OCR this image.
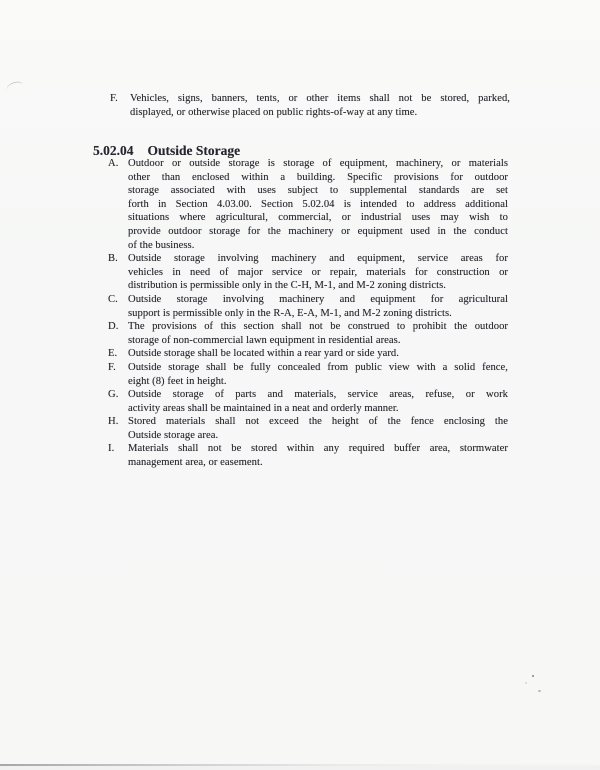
F.	Vehicles, signs, banners, tents, or other items shall not be stored, parked,
displayed, or otherwise placed on public rights-of-way at any time.
5.02.04 Outside Storage
A. Outdoor or outside storage is storage of equipment, machinery, or materials
other than enclosed within a building. Specific provisions for outdoor
storage associated with uses subject to supplemental standards are set
forth in Section 4.03.00. Section 5.02.04 is intended to address additional
situations where agricultural, commercial, or industrial uses may wish to
provide outdoor storage for the machinery or equipment used in the conduct
of the business.
B. Outside storage involving machinery and equipment, service areas for
vehicles in need of major service or repair, materials for construction or
distribution is permissible only in the C-H, M-1, and M-2 zoning districts.
C. Outside storage involving machinery and equipment for agricultural
support is permissible only in the R-A, E-A, M-1, and M-2 zoning districts.
D. The provisions of this section shall not be construed to prohibit the outdoor
storage of non-commercial lawn equipment in residential areas.
E.	Outside storage shall be located within a rear yard or side yard.
F.	Outside storage shall be fully concealed from public view with a solid fence,
eight (8) feet in height.
G. Outside storage of parts and materials, service areas, refuse, or work
activity areas shall be maintained in a neat and orderly manner.
H. Stored materials shall not exceed the height of the fence enclosing the
Outside storage area.
I.	Materials shall not be stored within any required buffer area, stormwater
management area, or easement.
